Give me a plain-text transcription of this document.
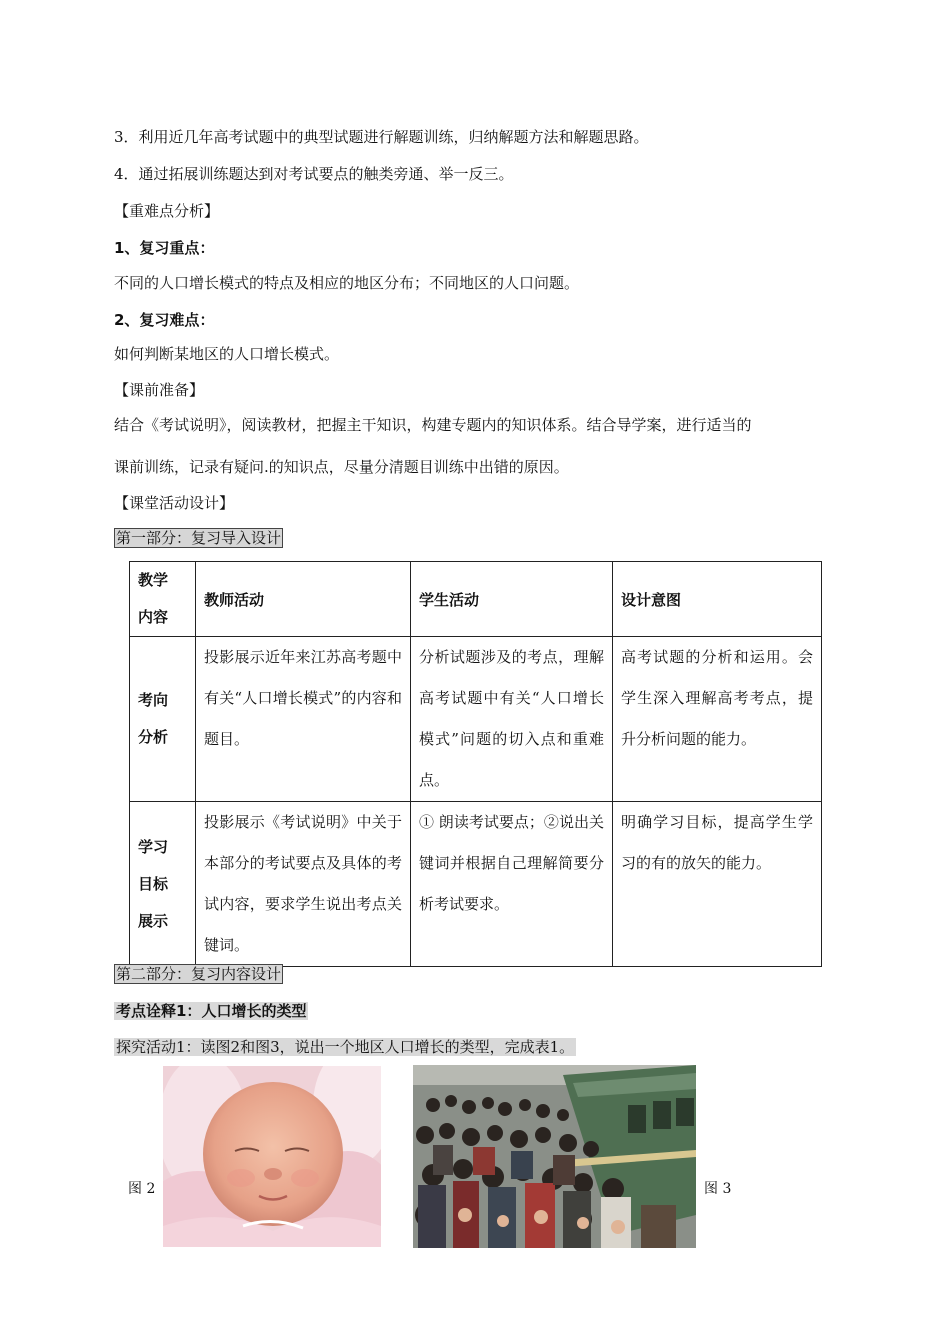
3．利用近几年高考试题中的典型试题进行解题训练，归纳解题方法和解题思路。
4．通过拓展训练题达到对考试要点的触类旁通、举一反三。
【重难点分析】
1、复习重点：
不同的人口增长模式的特点及相应的地区分布；不同地区的人口问题。
2、复习难点：
如何判断某地区的人口增长模式。
【课前准备】
结合《考试说明》，阅读教材，把握主干知识，构建专题内的知识体系。结合导学案，进行适当的
课前训练，记录有疑问.的知识点，尽量分清题目训练中出错的原因。
【课堂活动设计】
第一部分：复习导入设计
教学
内容	教师活动	学生活动	设计意图

考向
分析	投影展示近年来江苏高考题中有关“人口增长模式”的内容和题目。	分析试题涉及的考点，理解高考试题中有关“人口增长模式”问题的切入点和重难点。	高考试题的分析和运用。会学生深入理解高考考点，提升分析问题的能力。

学习
目标
展示	投影展示《考试说明》中关于本部分的考试要点及具体的考试内容，要求学生说出考点关键词。	① 朗读考试要点；②说出关键词并根据自己理解简要分析考试要求。	明确学习目标，提高学生学习的有的放矢的能力。
第二部分：复习内容设计
考点诠释1：人口增长的类型
探究活动1：读图2和图3，说出一个地区人口增长的类型，完成表1。
图 2	图 3
